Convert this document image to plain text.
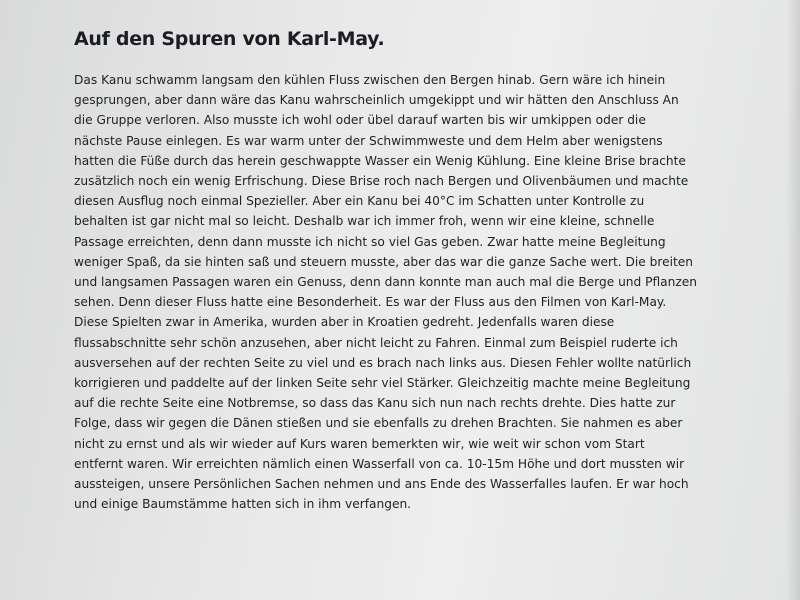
Auf den Spuren von Karl-May.
Das Kanu schwamm langsam den kühlen Fluss zwischen den Bergen hinab. Gern wäre ich hinein
gesprungen, aber dann wäre das Kanu wahrscheinlich umgekippt und wir hätten den Anschluss An
die Gruppe verloren. Also musste ich wohl oder übel darauf warten bis wir umkippen oder die
nächste Pause einlegen. Es war warm unter der Schwimmweste und dem Helm aber wenigstens
hatten die Füße durch das herein geschwappte Wasser ein Wenig Kühlung. Eine kleine Brise brachte
zusätzlich noch ein wenig Erfrischung. Diese Brise roch nach Bergen und Olivenbäumen und machte
diesen Ausflug noch einmal Spezieller. Aber ein Kanu bei 40°C im Schatten unter Kontrolle zu
behalten ist gar nicht mal so leicht. Deshalb war ich immer froh, wenn wir eine kleine, schnelle
Passage erreichten, denn dann musste ich nicht so viel Gas geben. Zwar hatte meine Begleitung
weniger Spaß, da sie hinten saß und steuern musste, aber das war die ganze Sache wert. Die breiten
und langsamen Passagen waren ein Genuss, denn dann konnte man auch mal die Berge und Pflanzen
sehen. Denn dieser Fluss hatte eine Besonderheit. Es war der Fluss aus den Filmen von Karl-May.
Diese Spielten zwar in Amerika, wurden aber in Kroatien gedreht. Jedenfalls waren diese
flussabschnitte sehr schön anzusehen, aber nicht leicht zu Fahren. Einmal zum Beispiel ruderte ich
ausversehen auf der rechten Seite zu viel und es brach nach links aus. Diesen Fehler wollte natürlich
korrigieren und paddelte auf der linken Seite sehr viel Stärker. Gleichzeitig machte meine Begleitung
auf die rechte Seite eine Notbremse, so dass das Kanu sich nun nach rechts drehte. Dies hatte zur
Folge, dass wir gegen die Dänen stießen und sie ebenfalls zu drehen Brachten. Sie nahmen es aber
nicht zu ernst und als wir wieder auf Kurs waren bemerkten wir, wie weit wir schon vom Start
entfernt waren. Wir erreichten nämlich einen Wasserfall von ca. 10-15m Höhe und dort mussten wir
aussteigen, unsere Persönlichen Sachen nehmen und ans Ende des Wasserfalles laufen. Er war hoch
und einige Baumstämme hatten sich in ihm verfangen.
